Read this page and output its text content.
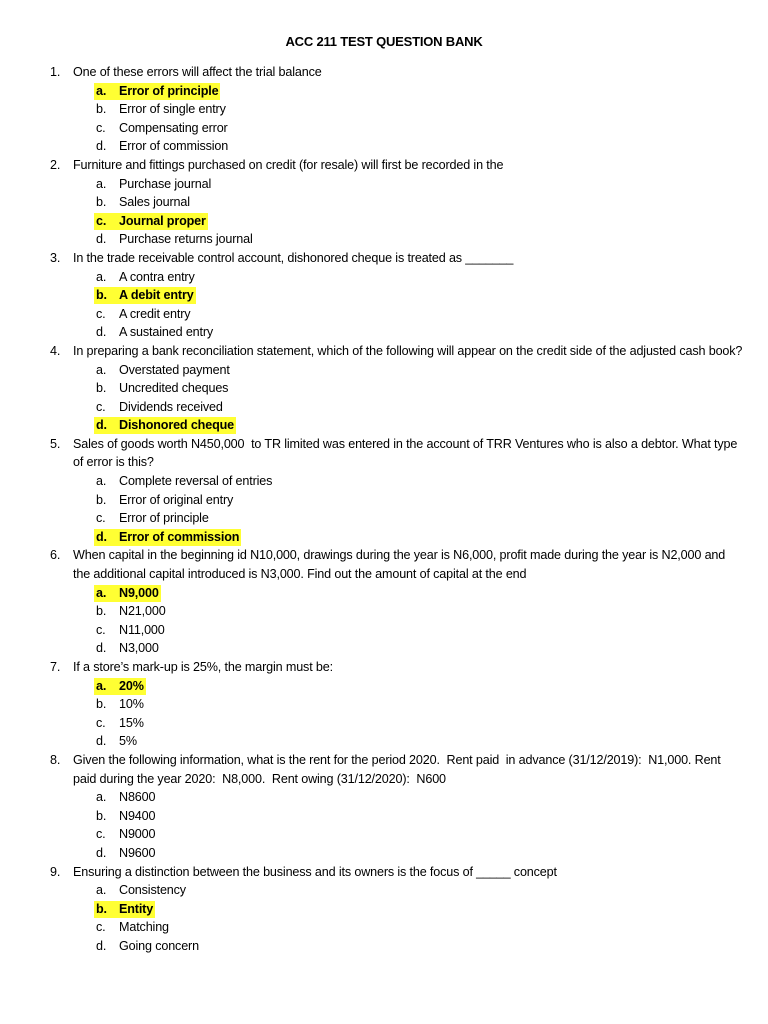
ACC 211 TEST QUESTION BANK
1. One of these errors will affect the trial balance
a. Error of principle
b. Error of single entry
c. Compensating error
d. Error of commission
2. Furniture and fittings purchased on credit (for resale) will first be recorded in the
a. Purchase journal
b. Sales journal
c. Journal proper
d. Purchase returns journal
3. In the trade receivable control account, dishonored cheque is treated as _______
a. A contra entry
b. A debit entry
c. A credit entry
d. A sustained entry
4. In preparing a bank reconciliation statement, which of the following will appear on the credit side of the adjusted cash book?
a. Overstated payment
b. Uncredited cheques
c. Dividends received
d. Dishonored cheque
5. Sales of goods worth N450,000  to TR limited was entered in the account of TRR Ventures who is also a debtor. What type of error is this?
a. Complete reversal of entries
b. Error of original entry
c. Error of principle
d. Error of commission
6. When capital in the beginning id N10,000, drawings during the year is N6,000, profit made during the year is N2,000 and the additional capital introduced is N3,000. Find out the amount of capital at the end
a. N9,000
b. N21,000
c. N11,000
d. N3,000
7. If a store’s mark-up is 25%, the margin must be:
a. 20%
b. 10%
c. 15%
d. 5%
8. Given the following information, what is the rent for the period 2020.  Rent paid  in advance (31/12/2019):  N1,000. Rent paid during the year 2020:  N8,000.  Rent owing (31/12/2020):  N600
a. N8600
b. N9400
c. N9000
d. N9600
9. Ensuring a distinction between the business and its owners is the focus of _____ concept
a. Consistency
b. Entity
c. Matching
d. Going concern
